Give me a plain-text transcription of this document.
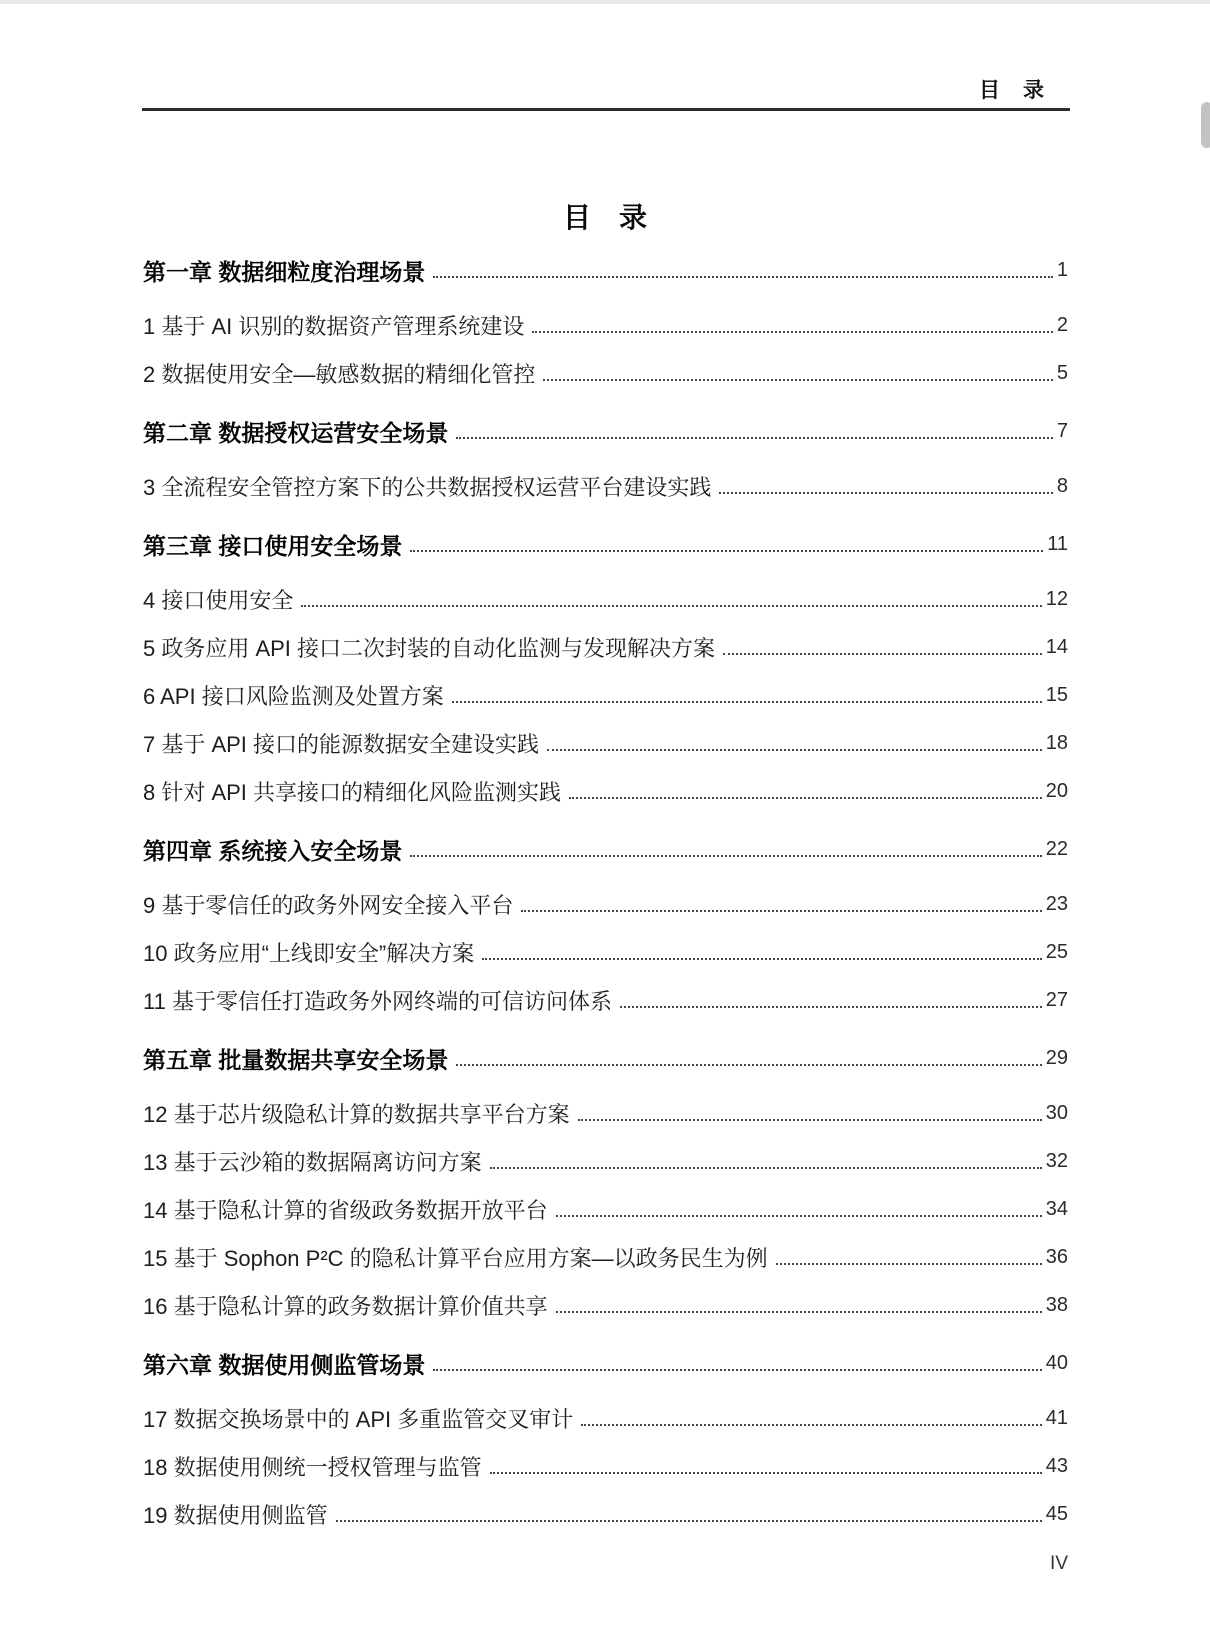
目　录
目　录
第一章 数据细粒度治理场景	1
1 基于 AI 识别的数据资产管理系统建设	2
2 数据使用安全—敏感数据的精细化管控	5
第二章 数据授权运营安全场景	7
3 全流程安全管控方案下的公共数据授权运营平台建设实践	8
第三章 接口使用安全场景	11
4 接口使用安全	12
5 政务应用 API 接口二次封装的自动化监测与发现解决方案	14
6 API 接口风险监测及处置方案	15
7 基于 API 接口的能源数据安全建设实践	18
8 针对 API 共享接口的精细化风险监测实践	20
第四章 系统接入安全场景	22
9 基于零信任的政务外网安全接入平台	23
10 政务应用“上线即安全”解决方案	25
11 基于零信任打造政务外网终端的可信访问体系	27
第五章 批量数据共享安全场景	29
12 基于芯片级隐私计算的数据共享平台方案	30
13 基于云沙箱的数据隔离访问方案	32
14 基于隐私计算的省级政务数据开放平台	34
15 基于 Sophon P²C 的隐私计算平台应用方案—以政务民生为例	36
16 基于隐私计算的政务数据计算价值共享	38
第六章 数据使用侧监管场景	40
17 数据交换场景中的 API 多重监管交叉审计	41
18 数据使用侧统一授权管理与监管	43
19 数据使用侧监管	45
IV
